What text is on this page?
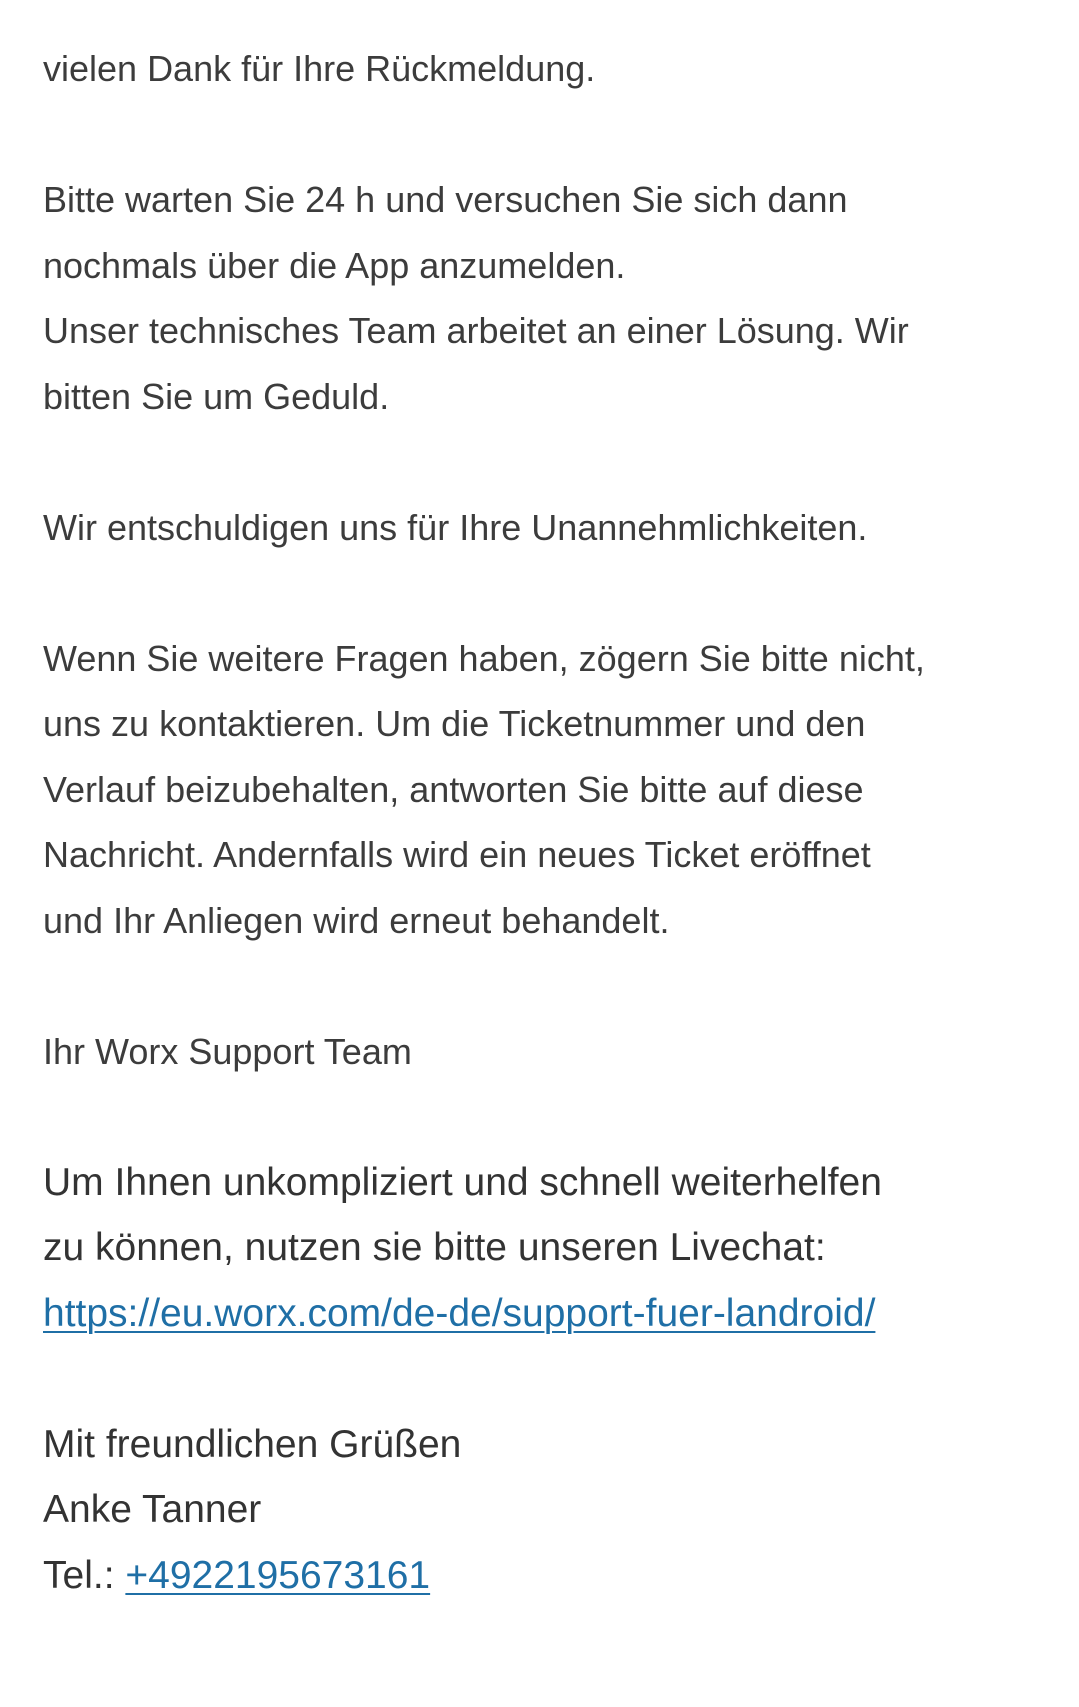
vielen Dank für Ihre Rückmeldung.

Bitte warten Sie 24 h und versuchen Sie sich dann
nochmals über die App anzumelden.
Unser technisches Team arbeitet an einer Lösung. Wir
bitten Sie um Geduld.

Wir entschuldigen uns für Ihre Unannehmlichkeiten.

Wenn Sie weitere Fragen haben, zögern Sie bitte nicht,
uns zu kontaktieren. Um die Ticketnummer und den
Verlauf beizubehalten, antworten Sie bitte auf diese
Nachricht. Andernfalls wird ein neues Ticket eröffnet
und Ihr Anliegen wird erneut behandelt.

Ihr Worx Support Team

Um Ihnen unkompliziert und schnell weiterhelfen
zu können, nutzen sie bitte unseren Livechat:
https://eu.worx.com/de-de/support-fuer-landroid/

Mit freundlichen Grüßen
Anke Tanner
Tel.: +4922195673161
